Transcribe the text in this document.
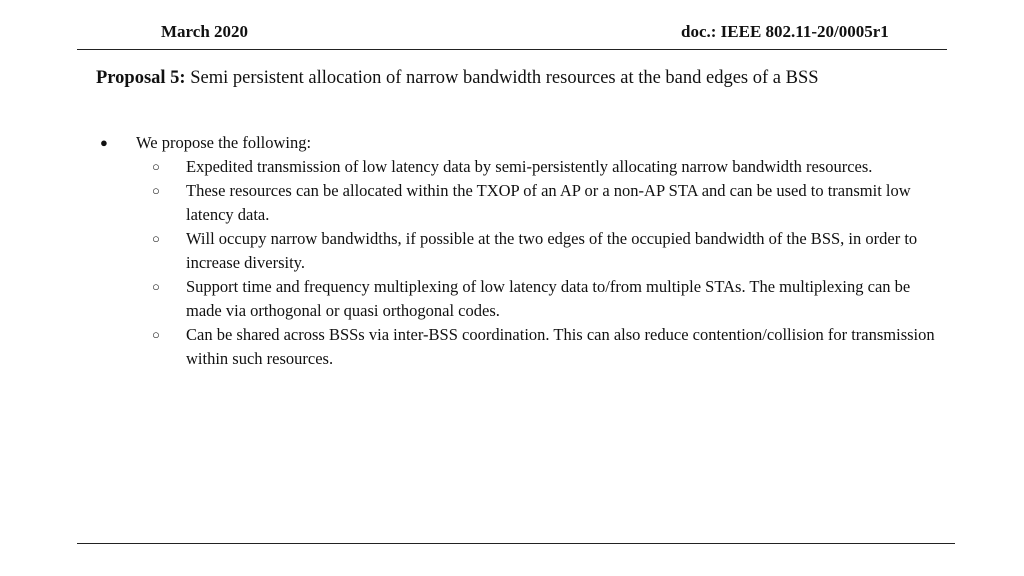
March 2020	doc.: IEEE 802.11-20/0005r1
Proposal 5: Semi persistent allocation of narrow bandwidth resources at the band edges of a BSS
●	We propose the following:
○	Expedited transmission of low latency data by semi-persistently allocating narrow bandwidth resources.
○	These resources can be allocated within the TXOP of an AP or a non-AP STA and can be used to transmit low latency data.
○	Will occupy narrow bandwidths, if possible at the two edges of the occupied bandwidth of the BSS, in order to increase diversity.
○	Support time and frequency multiplexing of low latency data to/from multiple STAs. The multiplexing can be made via orthogonal or quasi orthogonal codes.
○	Can be shared across BSSs via inter-BSS coordination. This can also reduce contention/collision for transmission within such resources.
